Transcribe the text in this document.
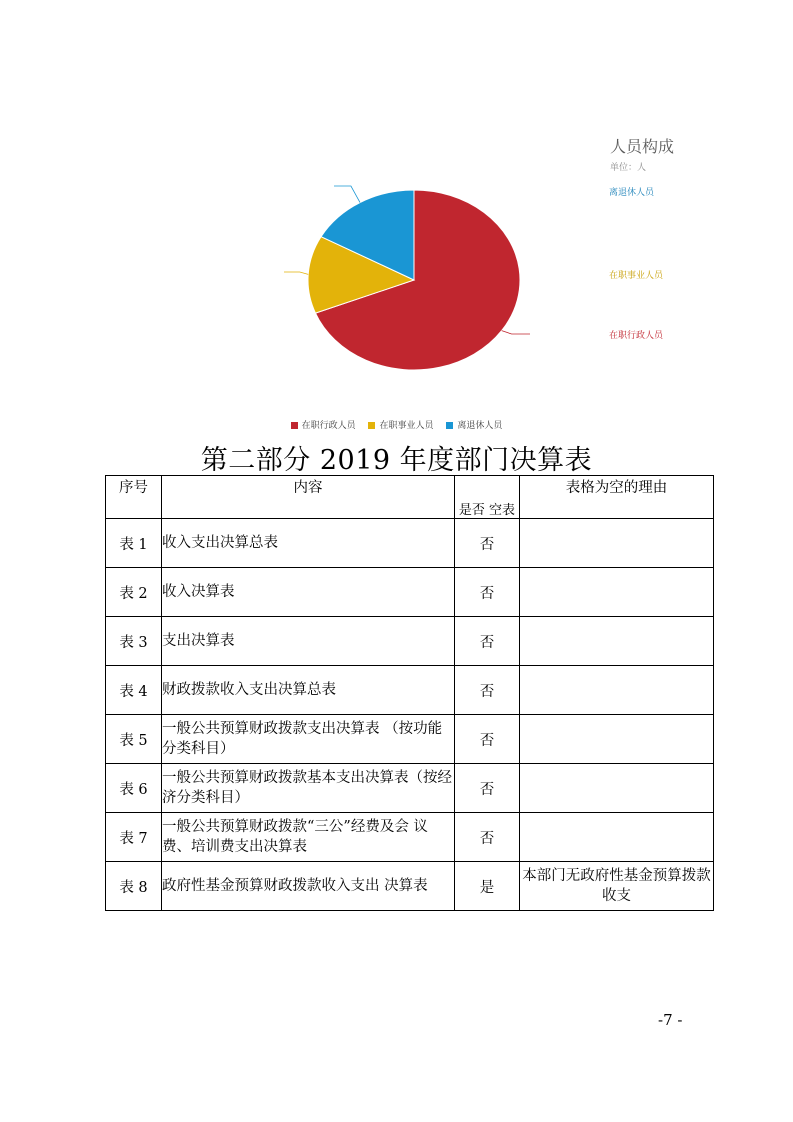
人员构成
单位：人
在职行政人员
在职事业人员
离退休人员
在职行政人员	在职事业人员	离退休人员
第二部分 2019 年度部门决算表
序号	内容	是否 空表	表格为空的理由
表 1	收入支出决算总表	否	
表 2	收入决算表	否	
表 3	支出决算表	否	
表 4	财政拨款收入支出决算总表	否	
表 5	一般公共预算财政拨款支出决算表 （按功能分类科目）	否	
表 6	一般公共预算财政拨款基本支出决算表（按经济分类科目）	否	
表 7	一般公共预算财政拨款“三公”经费及会 议费、培训费支出决算表	否	
表 8	政府性基金预算财政拨款收入支出 决算表	是	本部门无政府性基金预算拨款收支
-7 -
